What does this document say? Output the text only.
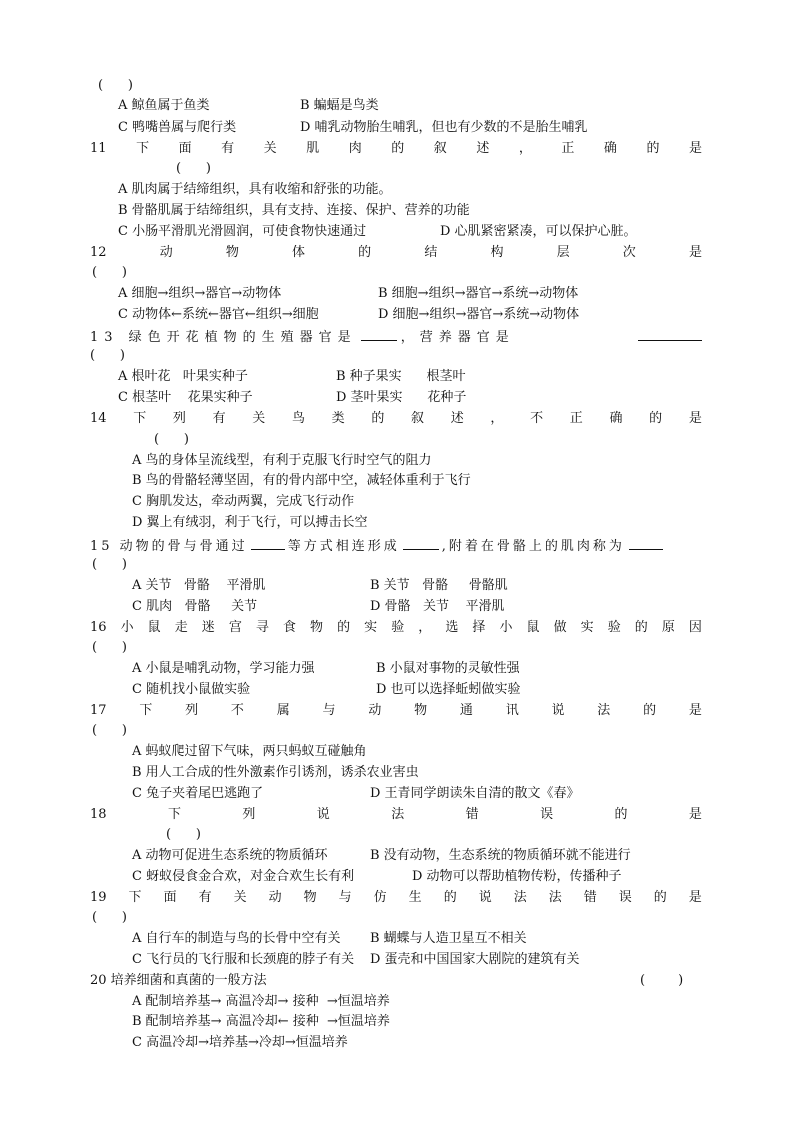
(      )
A 鲸鱼属于鱼类	B 蝙蝠是鸟类
C 鸭嘴兽属与爬行类	D 哺乳动物胎生哺乳，但也有少数的不是胎生哺乳
11 下 面 有 关 肌 肉 的 叙 述 ， 正 确 的 是
(      )
A 肌肉属于结缔组织，具有收缩和舒张的功能。
B 骨骼肌属于结缔组织，具有支持、连接、保护、营养的功能
C 小肠平滑肌光滑圆润，可使食物快速通过	D 心肌紧密紧凑，可以保护心脏。
12	动	物	体	的	结	构	层	次	是
(      )
A 细胞→组织→器官→动物体	B 细胞→组织→器官→系统→动物体
C 动物体←系统←器官←组织→细胞	D 细胞→组织→器官→系统→动物体
13 绿色开花植物的生殖器官是	，营养器官是
(      )
A 根叶花   叶果实种子	B 种子果实      根茎叶
C 根茎叶    花果实种子	D 茎叶果实      花种子
14 下 列 有 关 鸟 类 的 叙 述 ， 不 正 确 的 是
(      )
A 鸟的身体呈流线型，有利于克服飞行时空气的阻力
B 鸟的骨骼轻薄坚固，有的骨内部中空，减轻体重利于飞行
C 胸肌发达，牵动两翼，完成飞行动作
D 翼上有绒羽，利于飞行，可以搏击长空
15 动物的骨与骨通过	等方式相连形成	,附着在骨骼上的肌肉称为
(      )
A 关节   骨骼    平滑肌	B 关节   骨骼     骨骼肌
C 肌肉   骨骼     关节	D 骨骼   关节    平滑肌
16 小 鼠 走 迷 宫 寻 食 物 的 实 验 ， 选 择 小 鼠 做 实 验 的 原 因
(      )
A 小鼠是哺乳动物，学习能力强	B 小鼠对事物的灵敏性强
C 随机找小鼠做实验	D 也可以选择蚯蚓做实验
17	下	列	不	属	与	动	物	通	讯	说	法	的	是
(      )
A 蚂蚁爬过留下气味，两只蚂蚁互碰触角
B 用人工合成的性外激素作引诱剂，诱杀农业害虫
C 兔子夹着尾巴逃跑了	D 王青同学朗读朱自清的散文《春》
18	下	列	说	法	错	误	的	是
(      )
A 动物可促进生态系统的物质循环	B 没有动物，生态系统的物质循环就不能进行
C 蚜蚁侵食金合欢，对金合欢生长有利	D 动物可以帮助植物传粉，传播种子
19 下 面 有 关 动 物 与 仿 生 的 说 法 法 错 误 的 是
(      )
A 自行车的制造与鸟的长骨中空有关 B 蝴蝶与人造卫星互不相关
C 飞行员的飞行服和长颈鹿的脖子有关 D 蛋壳和中国国家大剧院的建筑有关
20 培养细菌和真菌的一般方法	(        )
A 配制培养基→ 高温冷却→ 接种  →恒温培养
B 配制培养基→ 高温冷却← 接种  →恒温培养
C 高温冷却→培养基→冷却→恒温培养
